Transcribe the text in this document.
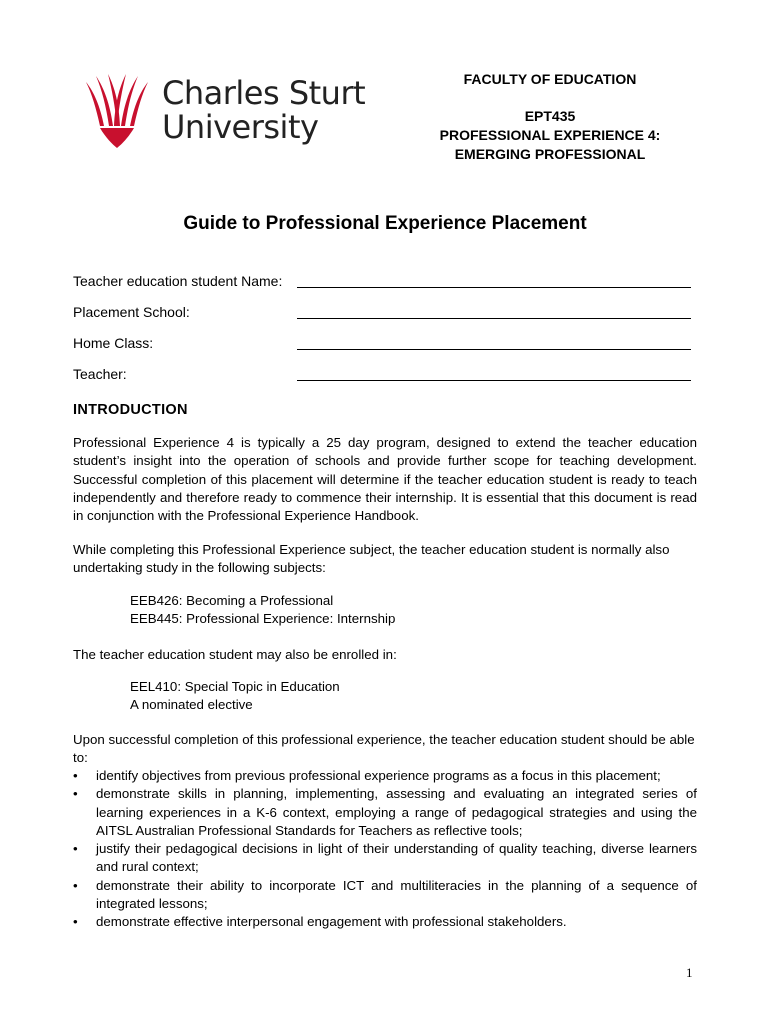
Charles Sturt
University
FACULTY OF EDUCATION
EPT435
PROFESSIONAL EXPERIENCE 4:
EMERGING PROFESSIONAL
Guide to Professional Experience Placement
Teacher education student Name:
Placement School:
Home Class:
Teacher:
INTRODUCTION
Professional Experience 4 is typically a 25 day program, designed to extend the teacher education student’s insight into the operation of schools and provide further scope for teaching development. Successful completion of this placement will determine if the teacher education student is ready to teach independently and therefore ready to commence their internship. It is essential that this document is read in conjunction with the Professional Experience Handbook.
While completing this Professional Experience subject, the teacher education student is normally also undertaking study in the following subjects:
EEB426: Becoming a Professional
EEB445: Professional Experience: Internship
The teacher education student may also be enrolled in:
EEL410: Special Topic in Education
A nominated elective
Upon successful completion of this professional experience, the teacher education student should be able to:
• identify objectives from previous professional experience programs as a focus in this placement;
• demonstrate skills in planning, implementing, assessing and evaluating an integrated series of learning experiences in a K-6 context, employing a range of pedagogical strategies and using the AITSL Australian Professional Standards for Teachers as reflective tools;
• justify their pedagogical decisions in light of their understanding of quality teaching, diverse learners and rural context;
• demonstrate their ability to incorporate ICT and multiliteracies in the planning of a sequence of integrated lessons;
• demonstrate effective interpersonal engagement with professional stakeholders.
1
